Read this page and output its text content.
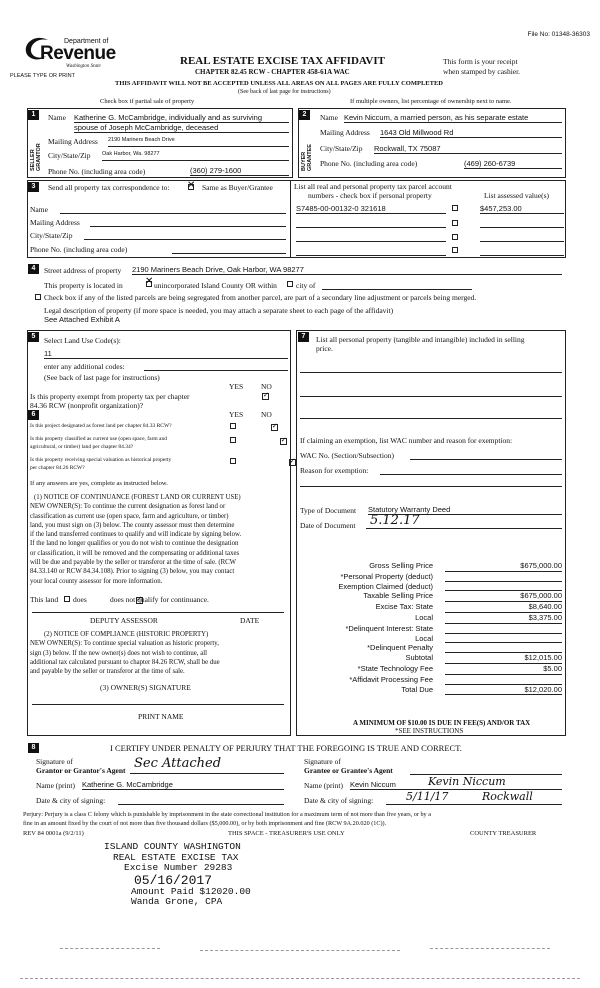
File No: 01348-36303
Department of
Revenue
Washington State
PLEASE TYPE OR PRINT
REAL ESTATE EXCISE TAX AFFIDAVIT
CHAPTER 82.45 RCW - CHAPTER 458-61A WAC
This form is your receipt
when stamped by cashier.
THIS AFFIDAVIT WILL NOT BE ACCEPTED UNLESS ALL AREAS ON ALL PAGES ARE FULLY COMPLETED
(See back of last page for instructions)
Check box if partial sale of property	If multiple owners, list percentage of ownership next to name.
1
SELLER GRANTOR
Name Katherine G. McCambridge, individually and as surviving
spouse of Joseph McCambridge, deceased
Mailing Address 2190 Mariners Beach Drive
City/State/Zip Oak Harbor, Wa. 98277
Phone No. (including area code)	(360) 279-1600
2
BUYER GRANTEE
Name Kevin Niccum, a married person, as his separate estate
Mailing Address 1643 Old Millwood Rd
City/State/Zip Rockwall, TX 75087
Phone No. (including area code)	(469) 260-6739
3	Send all property tax correspondence to: ✕ Same as Buyer/Grantee
Name
Mailing Address
City/State/Zip
Phone No. (including area code)
List all real and personal property tax parcel account
numbers - check box if personal property	List assessed value(s)
S7485-00-00132-0 321618	$457,253.00
4	Street address of property 2190 Mariners Beach Drive, Oak Harbor, WA 98277
This property is located in ✕ unincorporated Island County OR within	city of
Check box if any of the listed parcels are being segregated from another parcel, are part of a secondary line adjustment or parcels being merged.
Legal description of property (if more space is needed, you may attach a separate sheet to each page of the affidavit)
See Attached Exhibit A
5	Select Land Use Code(s):
11
enter any additional codes:
(See back of last page for instructions)
YES NO
Is this property exempt from property tax per chapter
84.36 RCW (nonprofit organization)?
✓
6	YES NO
Is this project designated as forest land per chapter 84.33 RCW?
✓
Is this property classified as current use (open space, farm and
agricultural, or timber) land per chapter 84.34?
✓
Is this property receiving special valuation as historical property
per chapter 84.26 RCW?
✓
If any answers are yes, complete as instructed below.
(1) NOTICE OF CONTINUANCE (FOREST LAND OR CURRENT USE)
NEW OWNER(S): To continue the current designation as forest land or
classification as current use (open space, farm and agriculture, or timber)
land, you must sign on (3) below. The county assessor must then determine
if the land transferred continues to qualify and will indicate by signing below.
If the land no longer qualifies or you do not wish to continue the designation
or classification, it will be removed and the compensating or additional taxes
will be due and payable by the seller or transferor at the time of sale. (RCW
84.33.140 or RCW 84.34.108). Prior to signing (3) below, you may contact
your local county assessor for more information.
This land does
✓	does not qualify for continuance.
DEPUTY ASSESSOR	DATE
(2) NOTICE OF COMPLIANCE (HISTORIC PROPERTY)
NEW OWNER(S): To continue special valuation as historic property,
sign (3) below. If the new owner(s) does not wish to continue, all
additional tax calculated pursuant to chapter 84.26 RCW, shall be due
and payable by the seller or transferor at the time of sale.
(3) OWNER(S) SIGNATURE
PRINT NAME
7	List all personal property (tangible and intangible) included in selling
price.
If claiming an exemption, list WAC number and reason for exemption:
WAC No. (Section/Subsection)
Reason for exemption:
Type of Document Statutory Warranty Deed
Date of Document	5.12.17
Gross Selling Price	$675,000.00
*Personal Property (deduct)
Exemption Claimed (deduct)
Taxable Selling Price	$675,000.00
Excise Tax: State	$8,640.00
Local	$3,375.00
*Delinquent Interest: State
Local
*Delinquent Penalty
Subtotal	$12,015.00
*State Technology Fee	$5.00
*Affidavit Processing Fee
Total Due	$12,020.00
A MINIMUM OF $10.00 IS DUE IN FEE(S) AND/OR TAX
*SEE INSTRUCTIONS
8	I CERTIFY UNDER PENALTY OF PERJURY THAT THE FOREGOING IS TRUE AND CORRECT.
Signature of
Grantor or Grantor's Agent Sec Attached
Name (print) Katherine G. McCambridge
Date & city of signing:
Signature of
Grantee or Grantee's Agent
Name (print) Kevin Niccum	Kevin Niccum
Date & city of signing:	5/11/17	Rockwall
Perjury: Perjury is a class C felony which is punishable by imprisonment in the state correctional institution for a maximum term of not more than five years, or by a
fine in an amount fixed by the court of not more than five thousand dollars ($5,000.00), or by both imprisonment and fine (RCW 9A.20.020 (1C)).
REV 84 0001a (9/2/11)	THIS SPACE - TREASURER'S USE ONLY	COUNTY TREASURER
ISLAND COUNTY WASHINGTON
REAL ESTATE EXCISE TAX
Excise Number 29283
05/16/2017
Amount Paid $12020.00
Wanda Grone, CPA
